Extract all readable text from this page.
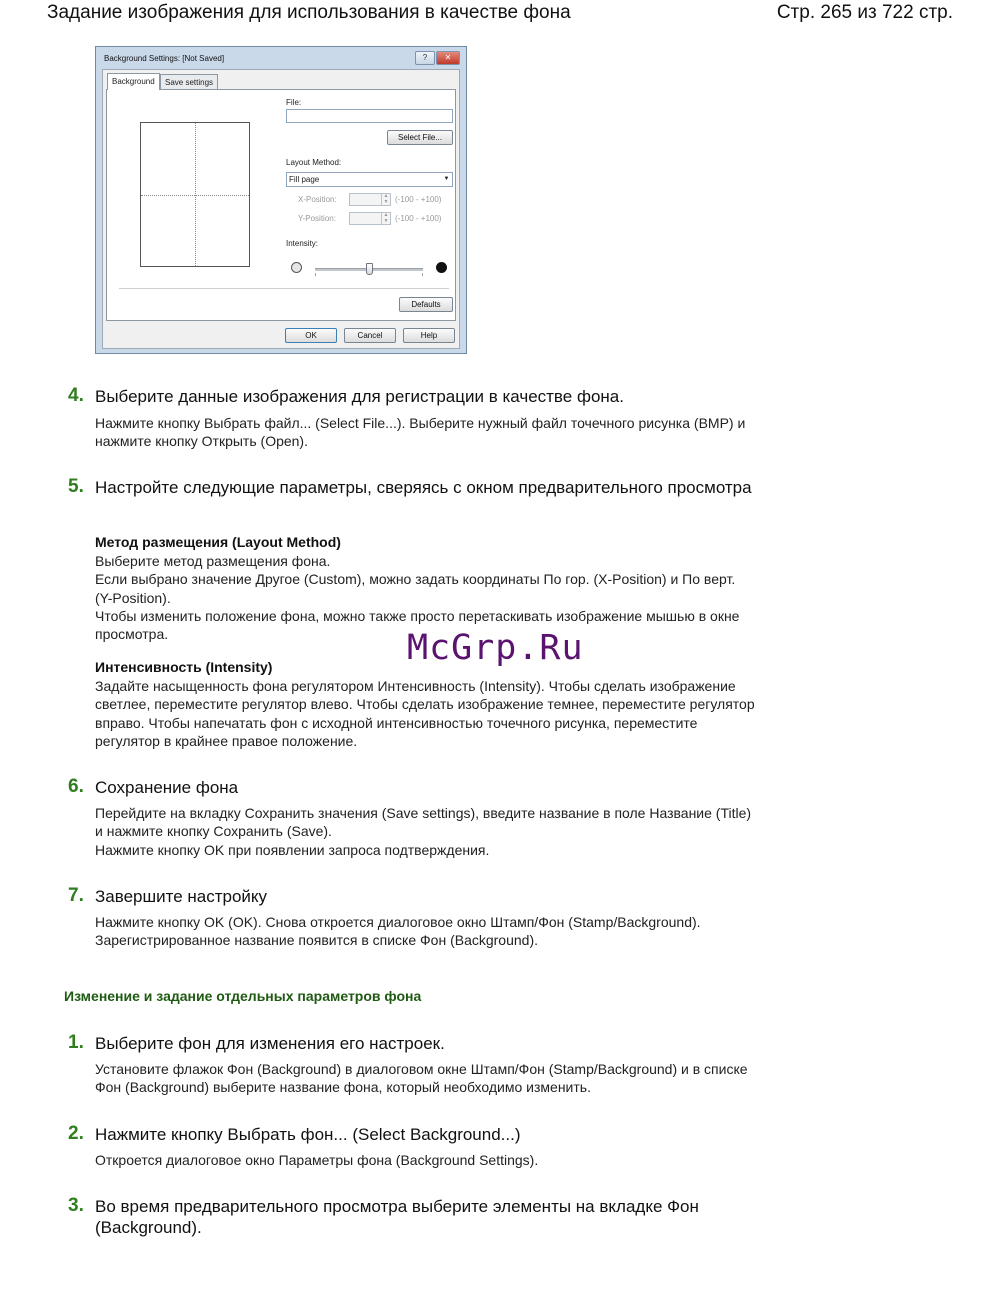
Задание изображения для использования в качестве фона	Стр. 265 из 722 стр.
Background Settings: [Not Saved]	?	✕
Background	Save settings
File:
Select File...
Layout Method:
Fill page	▼
X-Position:	▲
▼ (-100 - +100)
Y-Position:	▲
▼ (-100 - +100)
Intensity:
Defaults
OK	Cancel	Help
4. Выберите данные изображения для регистрации в качестве фона.
Нажмите кнопку Выбрать файл... (Select File...). Выберите нужный файл точечного рисунка (BMP) и нажмите кнопку Открыть (Open).
5. Настройте следующие параметры, сверяясь с окном предварительного просмотра
Метод размещения (Layout Method)
Выберите метод размещения фона.
Если выбрано значение Другое (Custom), можно задать координаты По гор. (X-Position) и По верт. (Y-Position).
Чтобы изменить положение фона, можно также просто перетаскивать изображение мышью в окне просмотра.
Интенсивность (Intensity)
Задайте насыщенность фона регулятором Интенсивность (Intensity). Чтобы сделать изображение светлее, переместите регулятор влево. Чтобы сделать изображение темнее, переместите регулятор вправо. Чтобы напечатать фон с исходной интенсивностью точечного рисунка, переместите регулятор в крайнее правое положение.
McGrp.Ru
6. Сохранение фона
Перейдите на вкладку Сохранить значения (Save settings), введите название в поле Название (Title) и нажмите кнопку Сохранить (Save).
Нажмите кнопку OK при появлении запроса подтверждения.
7. Завершите настройку
Нажмите кнопку OK (OK). Снова откроется диалоговое окно Штамп/Фон (Stamp/Background).
Зарегистрированное название появится в списке Фон (Background).
Изменение и задание отдельных параметров фона
1. Выберите фон для изменения его настроек.
Установите флажок Фон (Background) в диалоговом окне Штамп/Фон (Stamp/Background) и в списке Фон (Background) выберите название фона, который необходимо изменить.
2. Нажмите кнопку Выбрать фон... (Select Background...)
Откроется диалоговое окно Параметры фона (Background Settings).
3. Во время предварительного просмотра выберите элементы на вкладке Фон (Background).
